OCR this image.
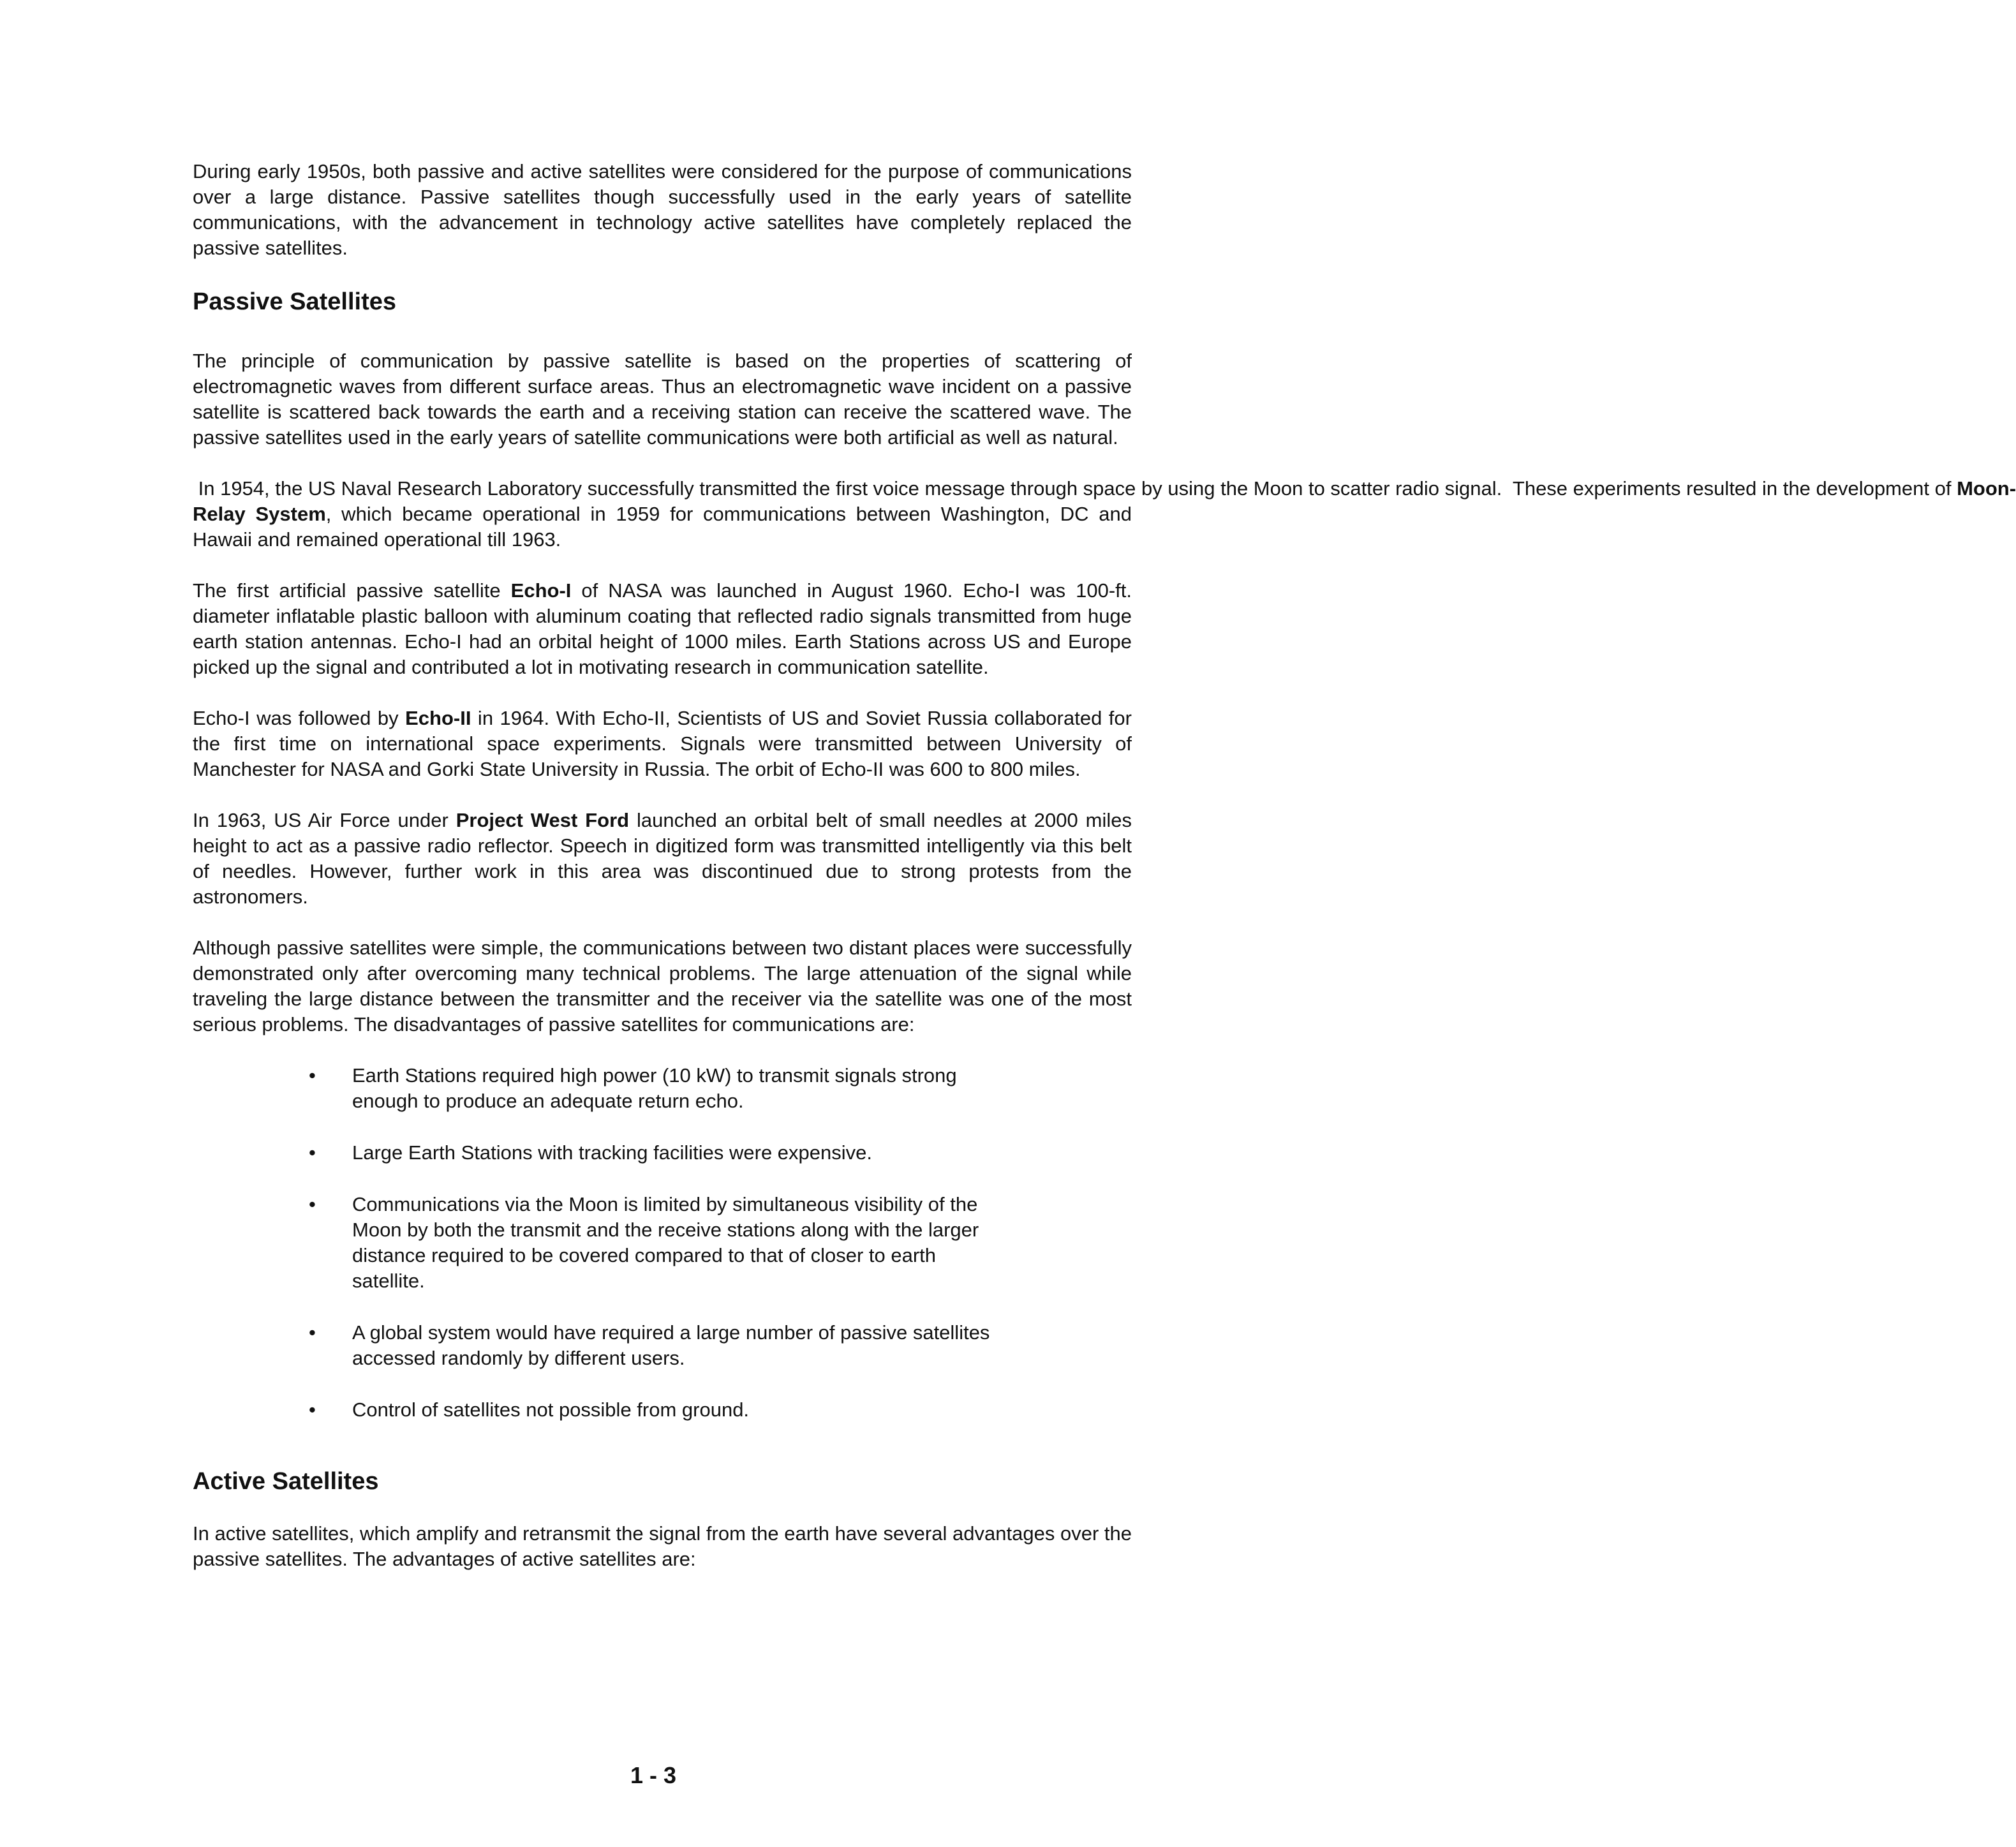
During early 1950s, both passive and active satellites were considered for the purpose of communications over a large distance. Passive satellites though successfully used in the early years of satellite communications, with the advancement in technology active satellites have completely replaced the passive satellites.

Passive Satellites

The principle of communication by passive satellite is based on the properties of scattering of electromagnetic waves from different surface areas. Thus an electromagnetic wave incident on a passive satellite is scattered back towards the earth and a receiving station can receive the scattered wave. The passive satellites used in the early years of satellite communications were both artificial as well as natural.

In 1954, the US Naval Research Laboratory successfully transmitted the first voice message through space by using the Moon to scatter radio signal.  These experiments resulted in the development of Moon-Relay System, which became operational in 1959 for communications between Washington, DC and Hawaii and remained operational till 1963.

The first artificial passive satellite Echo-I of NASA was launched in August 1960. Echo-I was 100-ft. diameter inflatable plastic balloon with aluminum coating that reflected radio signals transmitted from huge earth station antennas. Echo-I had an orbital height of 1000 miles. Earth Stations across US and Europe picked up the signal and contributed a lot in motivating research in communication satellite.

Echo-I was followed by Echo-II in 1964. With Echo-II, Scientists of US and Soviet Russia collaborated for the first time on international space experiments. Signals were transmitted between University of Manchester for NASA and Gorki State University in Russia. The orbit of Echo-II was 600 to 800 miles.

In 1963, US Air Force under Project West Ford launched an orbital belt of small needles at 2000 miles height to act as a passive radio reflector. Speech in digitized form was transmitted intelligently via this belt of needles. However, further work in this area was discontinued due to strong protests from the astronomers.

Although passive satellites were simple, the communications between two distant places were successfully demonstrated only after overcoming many technical problems. The large attenuation of the signal while traveling the large distance between the transmitter and the receiver via the satellite was one of the most serious problems. The disadvantages of passive satellites for communications are:

• Earth Stations required high power (10 kW) to transmit signals strong enough to produce an adequate return echo.
• Large Earth Stations with tracking facilities were expensive.
• Communications via the Moon is limited by simultaneous visibility of the Moon by both the transmit and the receive stations along with the larger distance required to be covered compared to that of closer to earth satellite.
• A global system would have required a large number of passive satellites accessed randomly by different users.
• Control of satellites not possible from ground.
Active Satellites

In active satellites, which amplify and retransmit the signal from the earth have several advantages over the passive satellites. The advantages of active satellites are:

1 - 3
